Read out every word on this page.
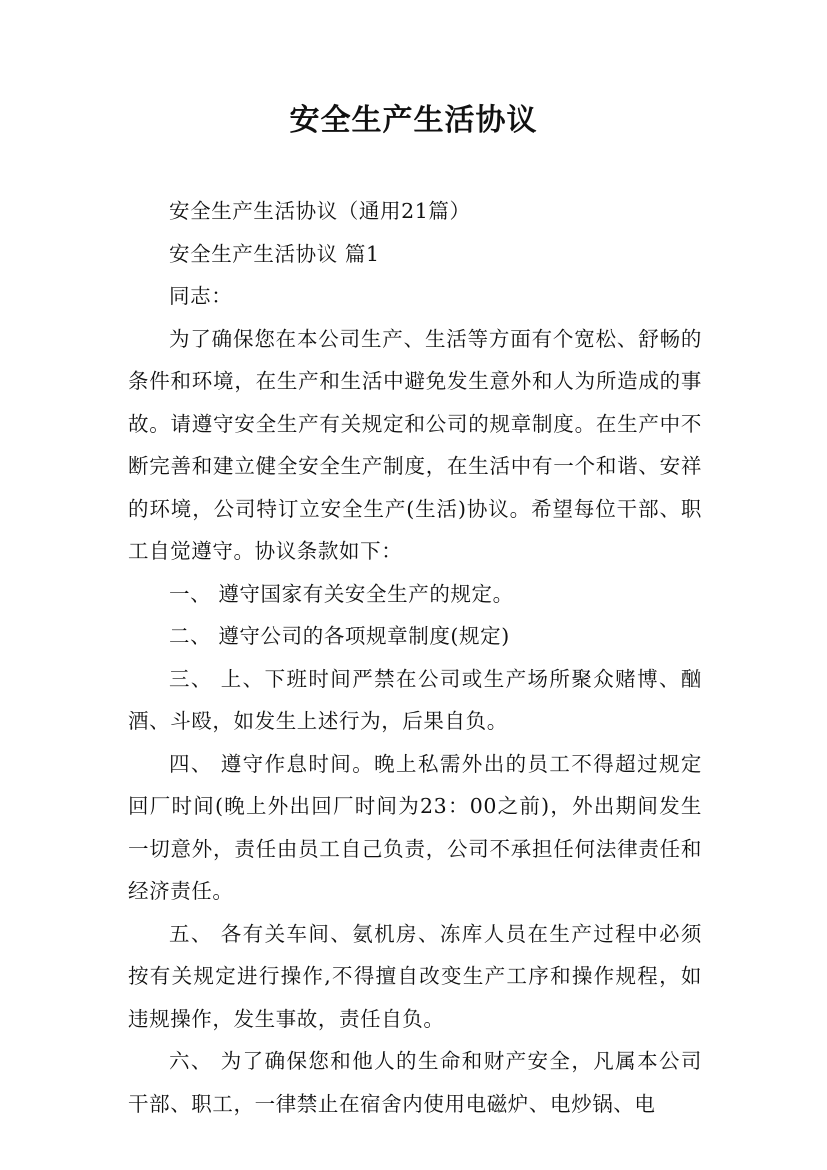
安全生产生活协议

安全生产生活协议（通用21篇）

安全生产生活协议 篇1

同志：

为了确保您在本公司生产、生活等方面有个宽松、舒畅的条件和环境，在生产和生活中避免发生意外和人为所造成的事故。请遵守安全生产有关规定和公司的规章制度。在生产中不断完善和建立健全安全生产制度，在生活中有一个和谐、安祥的环境，公司特订立安全生产(生活)协议。希望每位干部、职工自觉遵守。协议条款如下：

一、 遵守国家有关安全生产的规定。

二、 遵守公司的各项规章制度(规定)

三、 上、下班时间严禁在公司或生产场所聚众赌博、酗酒、斗殴，如发生上述行为，后果自负。

四、 遵守作息时间。晚上私需外出的员工不得超过规定回厂时间(晚上外出回厂时间为23：00之前)，外出期间发生一切意外，责任由员工自己负责，公司不承担任何法律责任和经济责任。

五、 各有关车间、氨机房、冻库人员在生产过程中必须按有关规定进行操作,不得擅自改变生产工序和操作规程，如违规操作，发生事故，责任自负。

六、 为了确保您和他人的生命和财产安全，凡属本公司干部、职工，一律禁止在宿舍内使用电磁炉、电炒锅、电
